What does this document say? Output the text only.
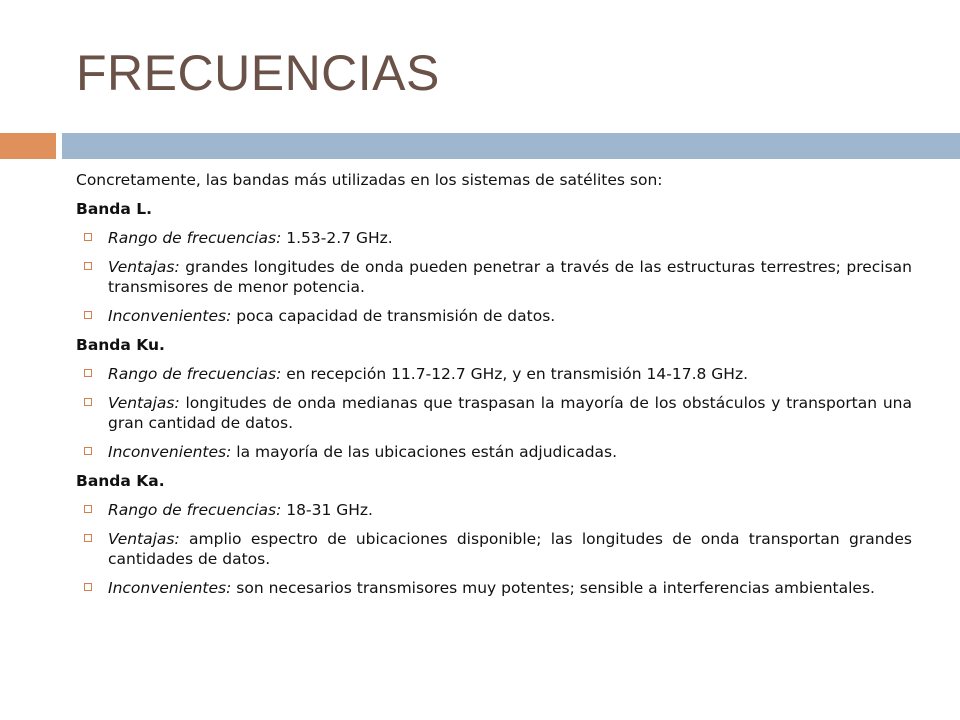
FRECUENCIAS
Concretamente, las bandas más utilizadas en los sistemas de satélites son:
Banda L.
Rango de frecuencias: 1.53-2.7 GHz.
Ventajas: grandes longitudes de onda pueden penetrar a través de las estructuras terrestres; precisan transmisores de menor potencia.
Inconvenientes: poca capacidad de transmisión de datos.
Banda Ku.
Rango de frecuencias: en recepción 11.7-12.7 GHz, y en transmisión 14-17.8 GHz.
Ventajas: longitudes de onda medianas que traspasan la mayoría de los obstáculos y transportan una gran cantidad de datos.
Inconvenientes: la mayoría de las ubicaciones están adjudicadas.
Banda Ka.
Rango de frecuencias: 18-31 GHz.
Ventajas: amplio espectro de ubicaciones disponible; las longitudes de onda transportan grandes cantidades de datos.
Inconvenientes: son necesarios transmisores muy potentes; sensible a interferencias ambientales.
